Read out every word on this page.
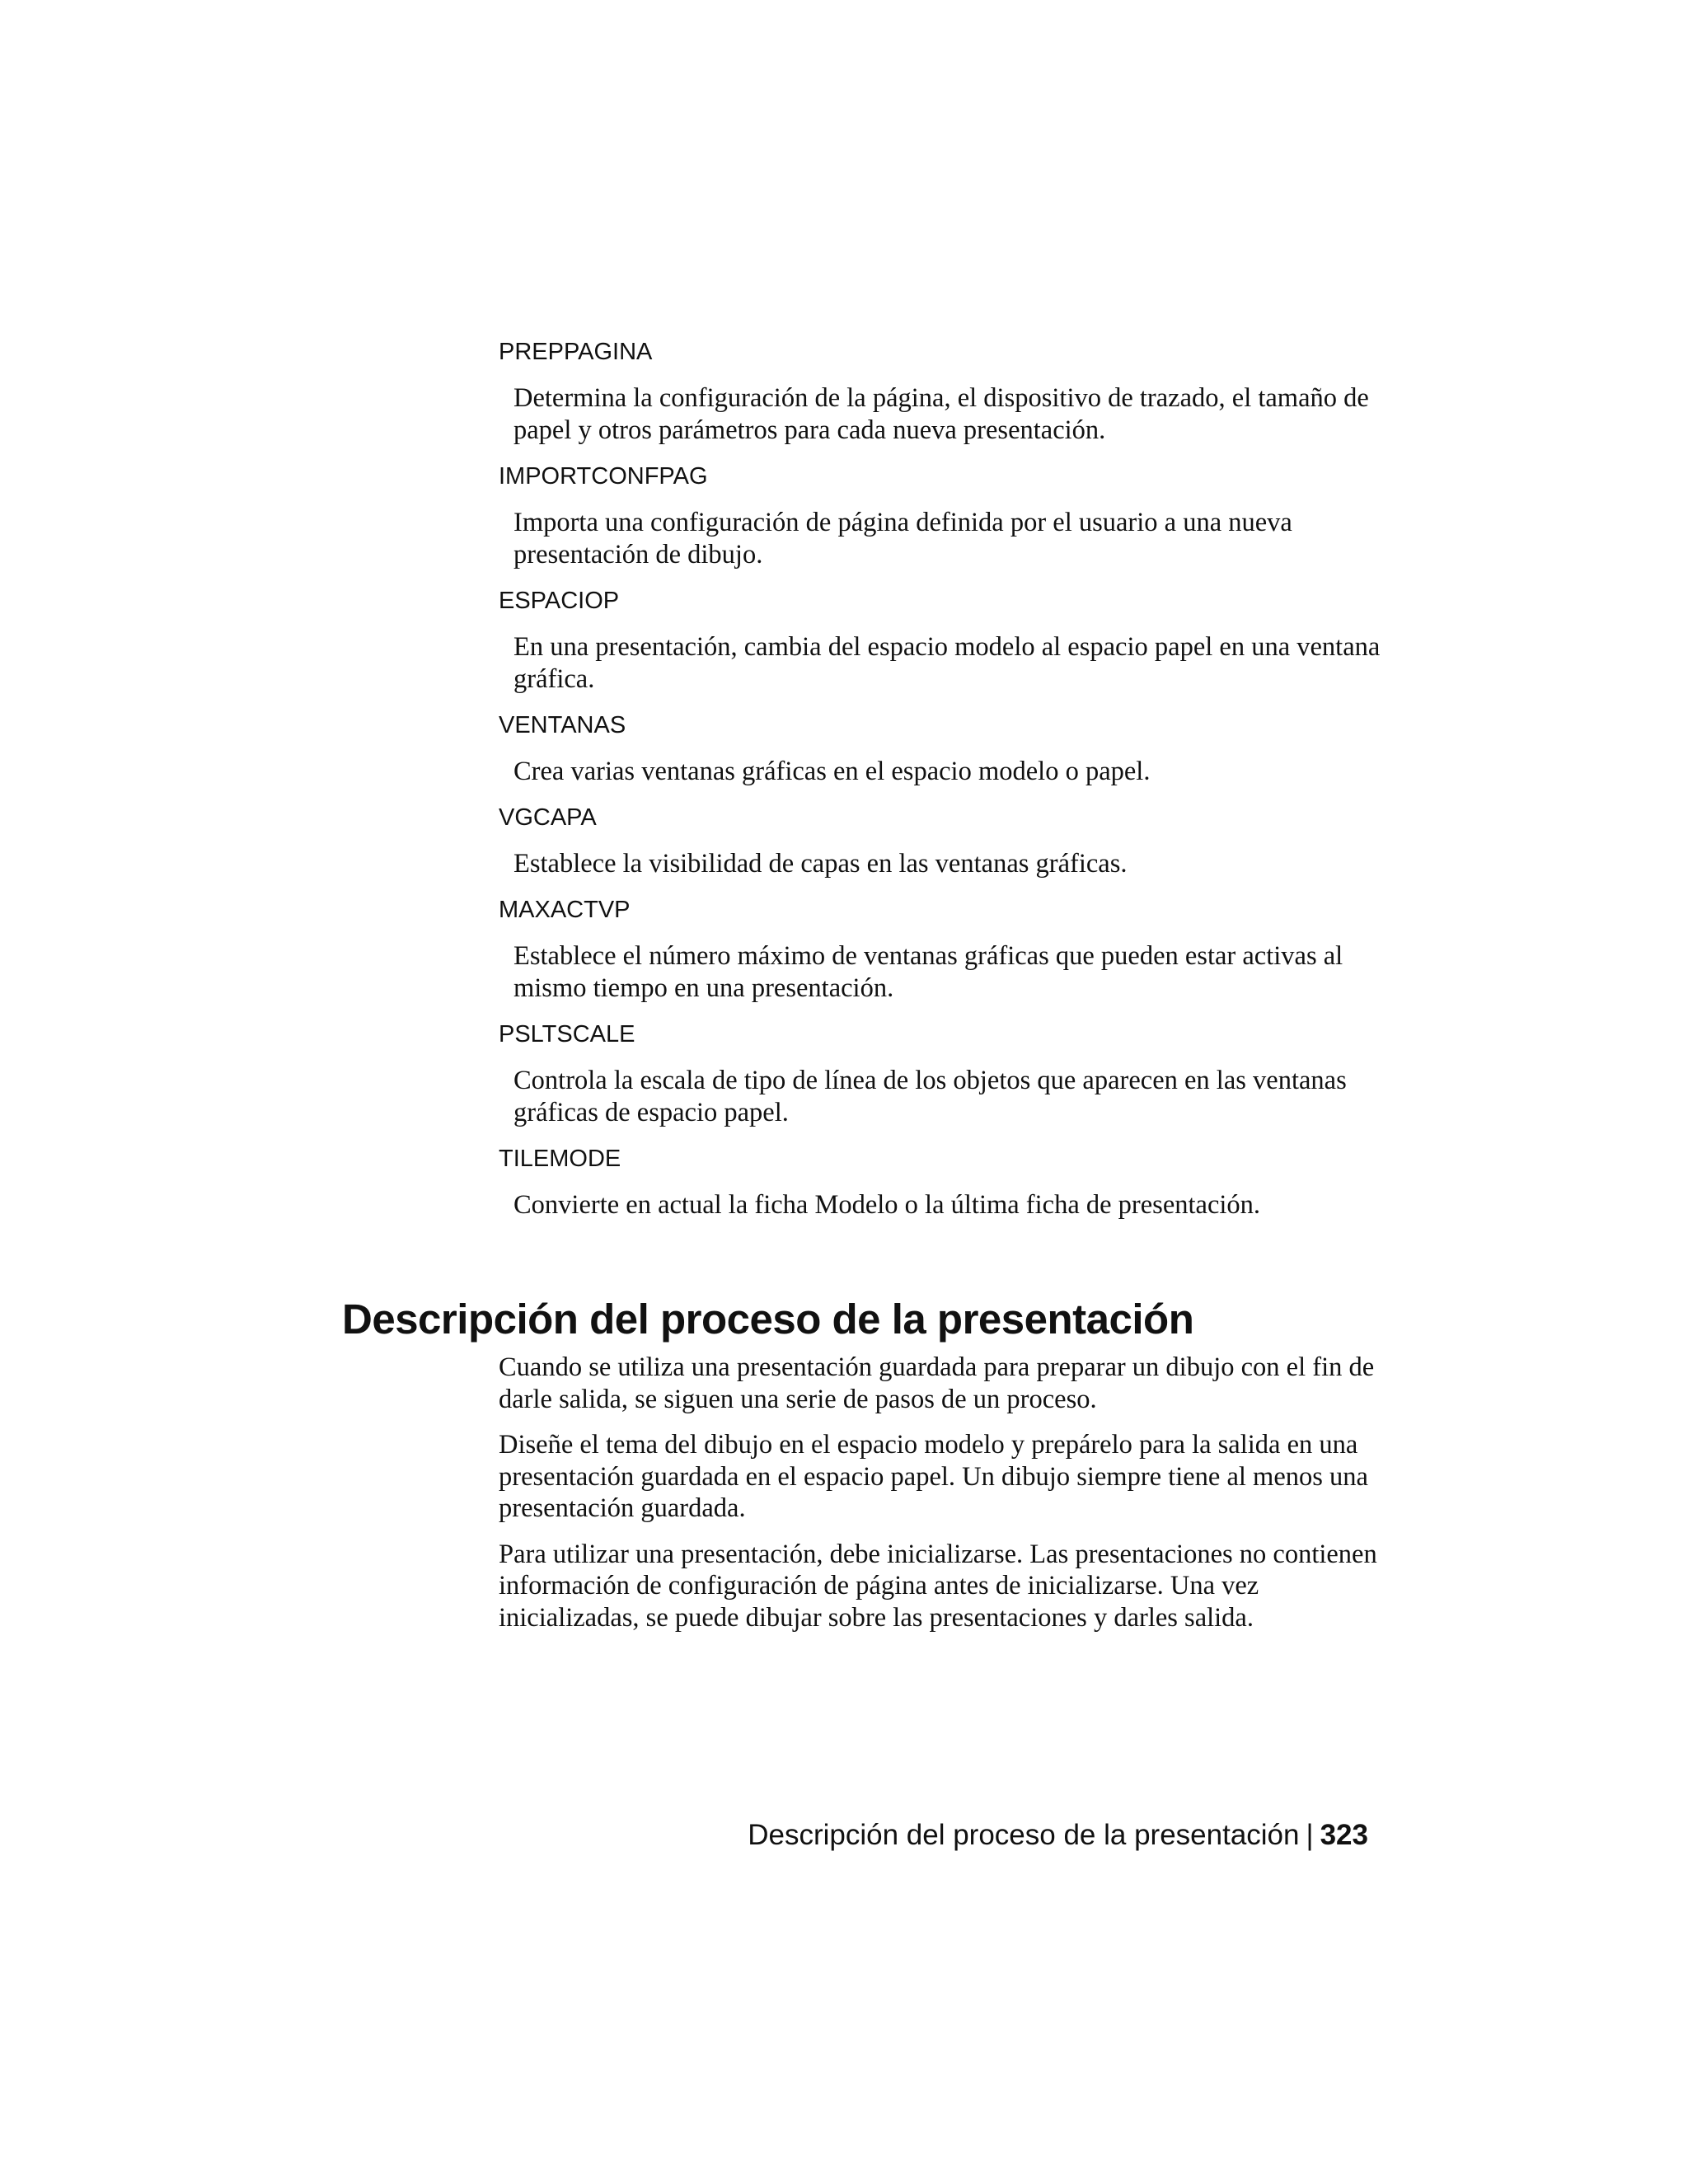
PREPPAGINA

Determina la configuración de la página, el dispositivo de trazado, el tamaño de papel y otros parámetros para cada nueva presentación.

IMPORTCONFPAG

Importa una configuración de página definida por el usuario a una nueva presentación de dibujo.

ESPACIOP

En una presentación, cambia del espacio modelo al espacio papel en una ventana gráfica.

VENTANAS

Crea varias ventanas gráficas en el espacio modelo o papel.

VGCAPA

Establece la visibilidad de capas en las ventanas gráficas.

MAXACTVP

Establece el número máximo de ventanas gráficas que pueden estar activas al mismo tiempo en una presentación.

PSLTSCALE

Controla la escala de tipo de línea de los objetos que aparecen en las ventanas gráficas de espacio papel.

TILEMODE

Convierte en actual la ficha Modelo o la última ficha de presentación.

Descripción del proceso de la presentación

Cuando se utiliza una presentación guardada para preparar un dibujo con el fin de darle salida, se siguen una serie de pasos de un proceso.

Diseñe el tema del dibujo en el espacio modelo y prepárelo para la salida en una presentación guardada en el espacio papel. Un dibujo siempre tiene al menos una presentación guardada.

Para utilizar una presentación, debe inicializarse. Las presentaciones no contienen información de configuración de página antes de inicializarse. Una vez inicializadas, se puede dibujar sobre las presentaciones y darles salida.

Descripción del proceso de la presentación | 323
